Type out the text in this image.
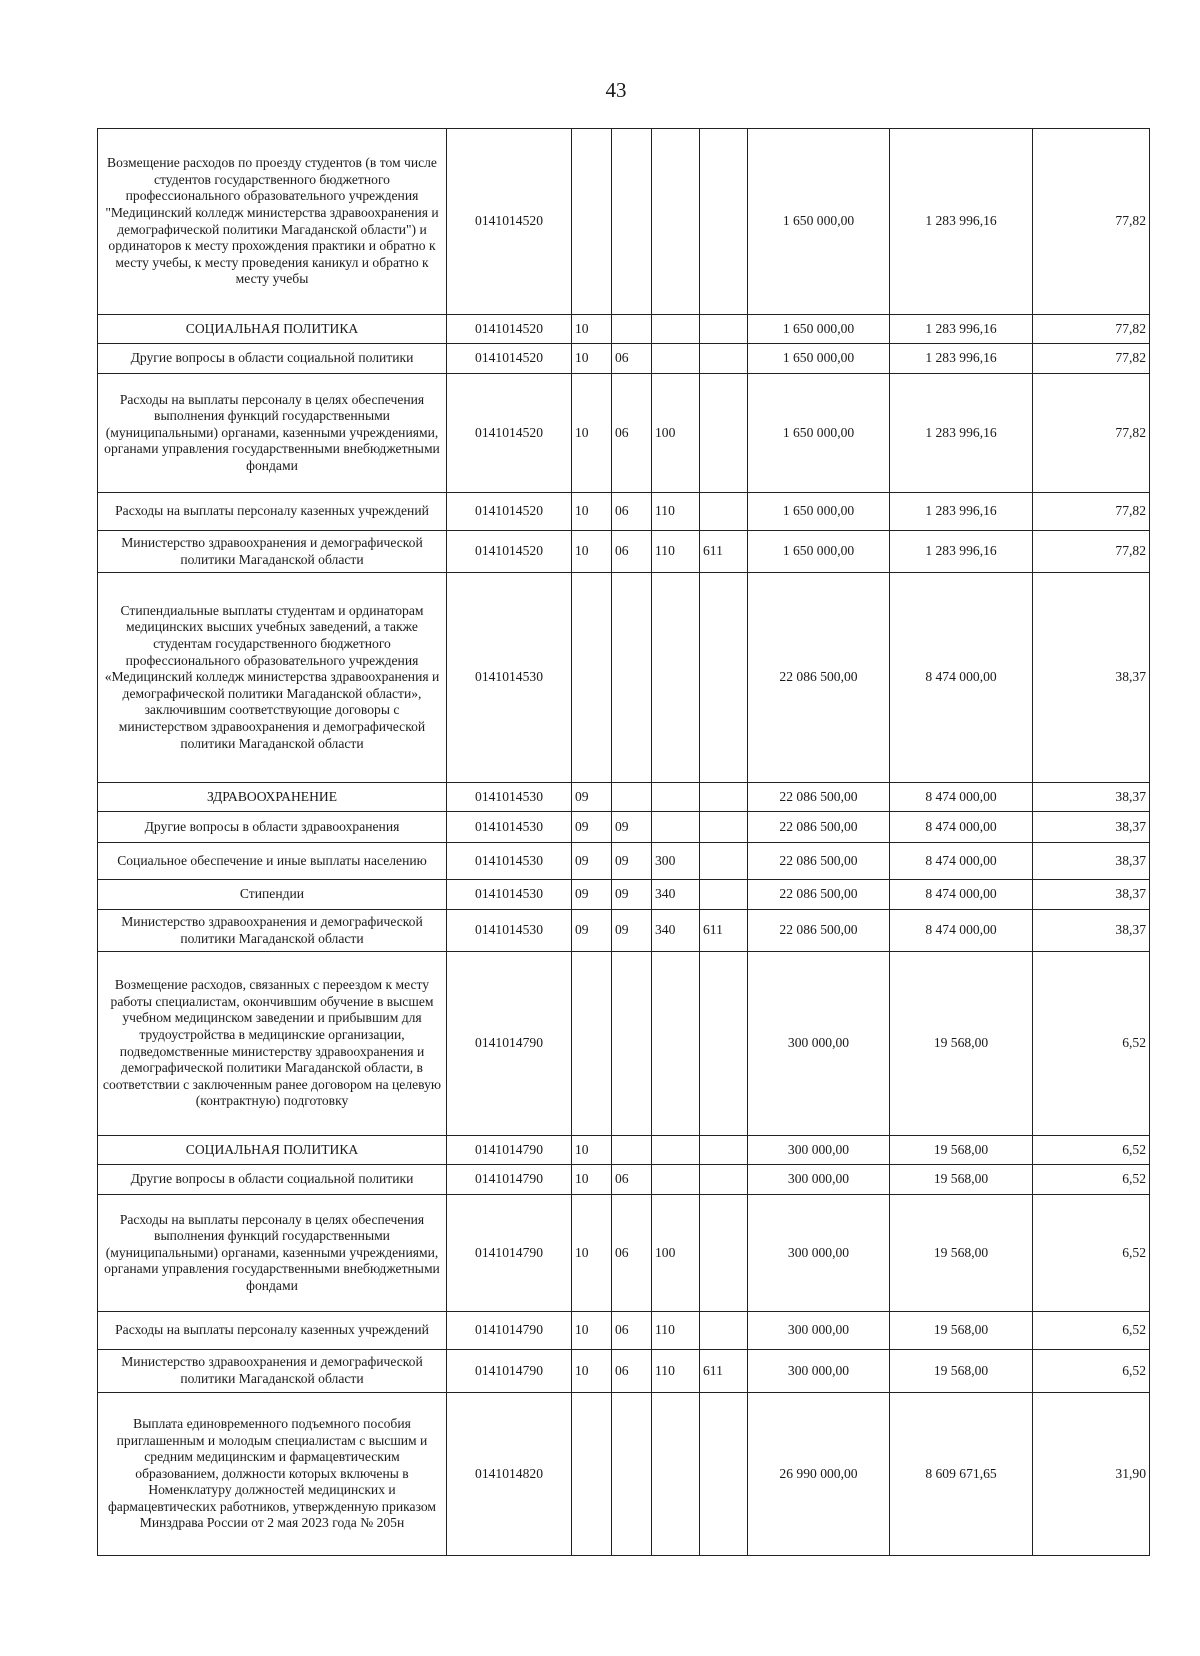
43
Возмещение расходов по проезду студентов (в том числе студентов государственного бюджетного профессионального образовательного учреждения "Медицинский колледж министерства здравоохранения и демографической политики Магаданской области") и ординаторов к месту прохождения практики и обратно к месту учебы, к месту проведения каникул и обратно к месту учебы	0141014520					1 650 000,00	1 283 996,16	77,82
СОЦИАЛЬНАЯ ПОЛИТИКА	0141014520	10				1 650 000,00	1 283 996,16	77,82
Другие вопросы в области социальной политики	0141014520	10	06			1 650 000,00	1 283 996,16	77,82
Расходы на выплаты персоналу в целях обеспечения выполнения функций государственными (муниципальными) органами, казенными учреждениями, органами управления государственными внебюджетными фондами	0141014520	10	06	100		1 650 000,00	1 283 996,16	77,82
Расходы на выплаты персоналу казенных учреждений	0141014520	10	06	110		1 650 000,00	1 283 996,16	77,82
Министерство здравоохранения и демографической политики Магаданской области	0141014520	10	06	110	611	1 650 000,00	1 283 996,16	77,82
Стипендиальные выплаты студентам и ординаторам медицинских высших учебных заведений, а также студентам государственного бюджетного профессионального образовательного учреждения «Медицинский колледж министерства здравоохранения и демографической политики Магаданской области», заключившим соответствующие договоры с министерством здравоохранения и демографической политики Магаданской области	0141014530					22 086 500,00	8 474 000,00	38,37
ЗДРАВООХРАНЕНИЕ	0141014530	09				22 086 500,00	8 474 000,00	38,37
Другие вопросы в области здравоохранения	0141014530	09	09			22 086 500,00	8 474 000,00	38,37
Социальное обеспечение и иные выплаты населению	0141014530	09	09	300		22 086 500,00	8 474 000,00	38,37
Стипендии	0141014530	09	09	340		22 086 500,00	8 474 000,00	38,37
Министерство здравоохранения и демографической политики Магаданской области	0141014530	09	09	340	611	22 086 500,00	8 474 000,00	38,37
Возмещение расходов, связанных с переездом к месту работы специалистам, окончившим обучение в высшем учебном медицинском заведении и прибывшим для трудоустройства в медицинские организации, подведомственные министерству здравоохранения и демографической политики Магаданской области, в соответствии с заключенным ранее договором на целевую (контрактную) подготовку	0141014790					300 000,00	19 568,00	6,52
СОЦИАЛЬНАЯ ПОЛИТИКА	0141014790	10				300 000,00	19 568,00	6,52
Другие вопросы в области социальной политики	0141014790	10	06			300 000,00	19 568,00	6,52
Расходы на выплаты персоналу в целях обеспечения выполнения функций государственными (муниципальными) органами, казенными учреждениями, органами управления государственными внебюджетными фондами	0141014790	10	06	100		300 000,00	19 568,00	6,52
Расходы на выплаты персоналу казенных учреждений	0141014790	10	06	110		300 000,00	19 568,00	6,52
Министерство здравоохранения и демографической политики Магаданской области	0141014790	10	06	110	611	300 000,00	19 568,00	6,52
Выплата единовременного подъемного пособия приглашенным и молодым специалистам с высшим и средним медицинским и фармацевтическим образованием, должности которых включены в Номенклатуру должностей медицинских и фармацевтических работников, утвержденную приказом Минздрава России от 2 мая 2023 года № 205н	0141014820					26 990 000,00	8 609 671,65	31,90
